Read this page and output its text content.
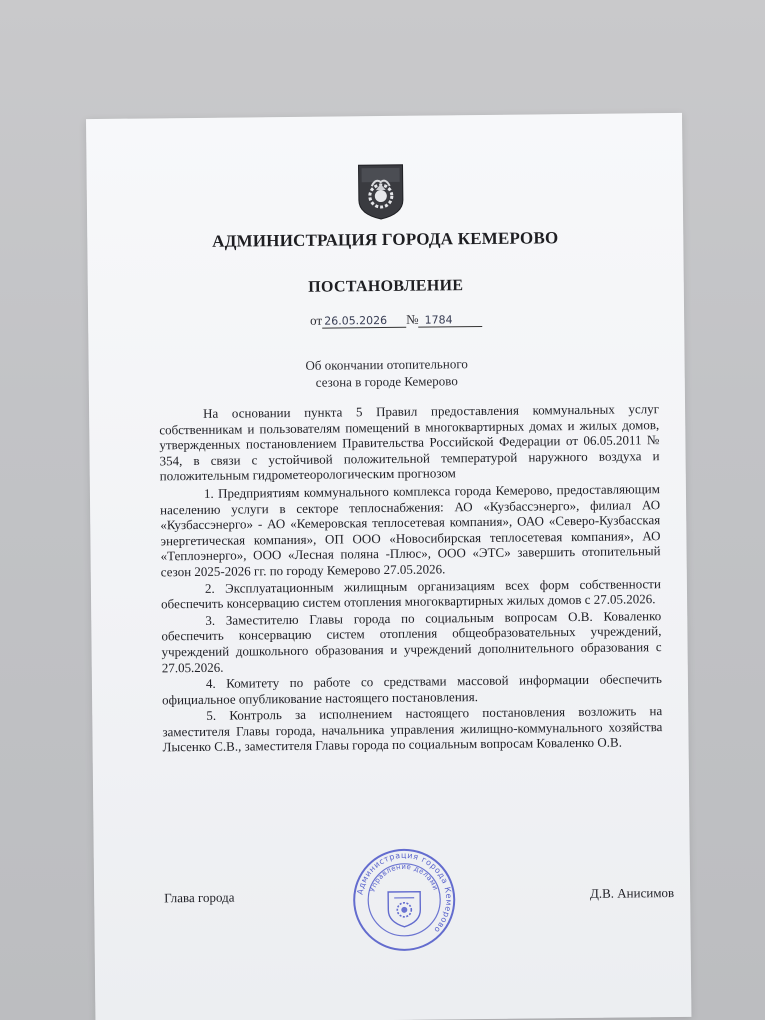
АДМИНИСТРАЦИЯ ГОРОДА КЕМЕРОВО
ПОСТАНОВЛЕНИЕ
от 26.05.2026 № 1784
Об окончании отопительного
сезона в городе Кемерово

На основании пункта 5 Правил предоставления коммунальных услуг собственникам и пользователям помещений в многоквартирных домах и жилых домов, утвержденных постановлением Правительства Российской Федерации от 06.05.2011 № 354, в связи с устойчивой положительной температурой наружного воздуха и положительным гидрометеорологическим прогнозом

1. Предприятиям коммунального комплекса города Кемерово, предоставляющим населению услуги в секторе теплоснабжения: АО «Кузбассэнерго», филиал АО «Кузбассэнерго» - АО «Кемеровская теплосетевая компания», ОАО «Северо-Кузбасская энергетическая компания», ОП ООО «Новосибирская теплосетевая компания», АО «Теплоэнерго», ООО «Лесная поляна -Плюс», ООО «ЭТС» завершить отопительный сезон 2025-2026 гг. по городу Кемерово 27.05.2026.

2. Эксплуатационным жилищным организациям всех форм собственности обеспечить консервацию систем отопления многоквартирных жилых домов с 27.05.2026.

3. Заместителю Главы города по социальным вопросам О.В. Коваленко обеспечить консервацию систем отопления общеобразовательных учреждений, учреждений дошкольного образования и учреждений дополнительного образования с 27.05.2026.

4. Комитету по работе со средствами массовой информации обеспечить официальное опубликование настоящего постановления.

5. Контроль за исполнением настоящего постановления возложить на заместителя Главы города, начальника управления жилищно-коммунального хозяйства Лысенко С.В., заместителя Главы города по социальным вопросам Коваленко О.В.

Администрация города Кемерово
Управление делами
Глава города	Д.В. Анисимов
